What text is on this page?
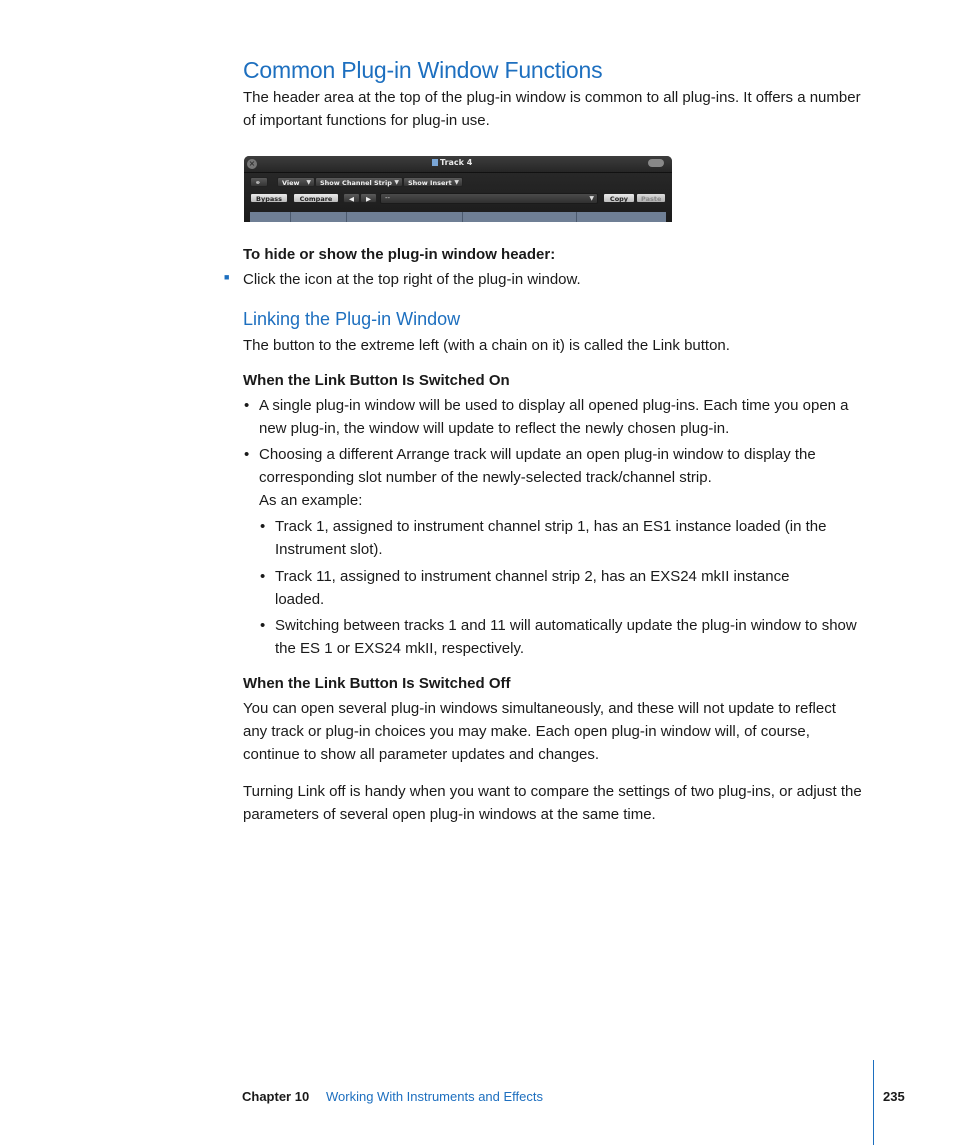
Common Plug-in Window Functions
The header area at the top of the plug-in window is common to all plug-ins. It offers a number of important functions for plug-in use.
×	Track 4
⚭	View ▼	Show Channel Strip ▼	Show Insert ▼
Bypass	Compare	◀	▶	--	▼	Copy	Paste
To hide or show the plug-in window header:
■ Click the icon at the top right of the plug-in window.
Linking the Plug-in Window
The button to the extreme left (with a chain on it) is called the Link button.
When the Link Button Is Switched On
• A single plug-in window will be used to display all opened plug-ins. Each time you open a new plug-in, the window will update to reflect the newly chosen plug-in.
• Choosing a different Arrange track will update an open plug-in window to display the corresponding slot number of the newly-selected track/channel strip.
As an example:
• Track 1, assigned to instrument channel strip 1, has an ES1 instance loaded (in the Instrument slot).
• Track 11, assigned to instrument channel strip 2, has an EXS24 mkII instance loaded.
• Switching between tracks 1 and 11 will automatically update the plug-in window to show the ES 1 or EXS24 mkII, respectively.
When the Link Button Is Switched Off
You can open several plug-in windows simultaneously, and these will not update to reflect any track or plug-in choices you may make. Each open plug-in window will, of course, continue to show all parameter updates and changes.
Turning Link off is handy when you want to compare the settings of two plug-ins, or adjust the parameters of several open plug-in windows at the same time.
Chapter 10 Working With Instruments and Effects	235
